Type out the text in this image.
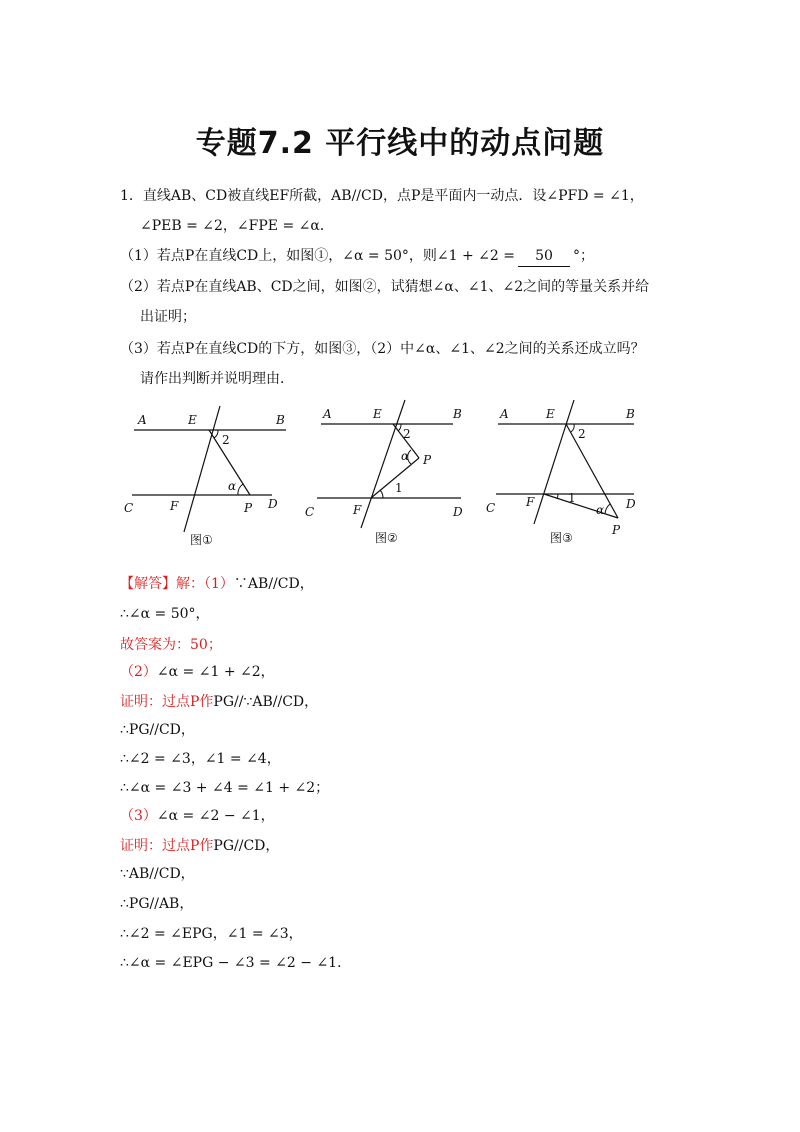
专题7.2 平行线中的动点问题
1．直线AB、CD被直线EF所截，AB//CD，点P是平面内一动点．设∠PFD = ∠1，
∠PEB = ∠2，∠FPE = ∠α．
（1）若点P在直线CD上，如图①，∠α = 50°，则∠1 + ∠2 = 50 °；
（2）若点P在直线AB、CD之间，如图②，试猜想∠α、∠1、∠2之间的等量关系并给
出证明；
（3）若点P在直线CD的下方，如图③，（2）中∠α、∠1、∠2之间的关系还成立吗？
请作出判断并说明理由．
A	E	B
2
α
C	F	P D
图①
A	E	B
2
α P
1
C	F	D
图②
A	E	B
2
C	F	1
α D
P
图③
【解答】解：（1）∵AB//CD，
∴∠α = 50°，
故答案为：50；
（2）∠α = ∠1 + ∠2，
证明：过点P作PG//∵AB//CD，
∴PG//CD，
∴∠2 = ∠3，∠1 = ∠4，
∴∠α = ∠3 + ∠4 = ∠1 + ∠2；
（3）∠α = ∠2 − ∠1，
证明：过点P作PG//CD，
∵AB//CD，
∴PG//AB，
∴∠2 = ∠EPG，∠1 = ∠3，
∴∠α = ∠EPG − ∠3 = ∠2 − ∠1．
